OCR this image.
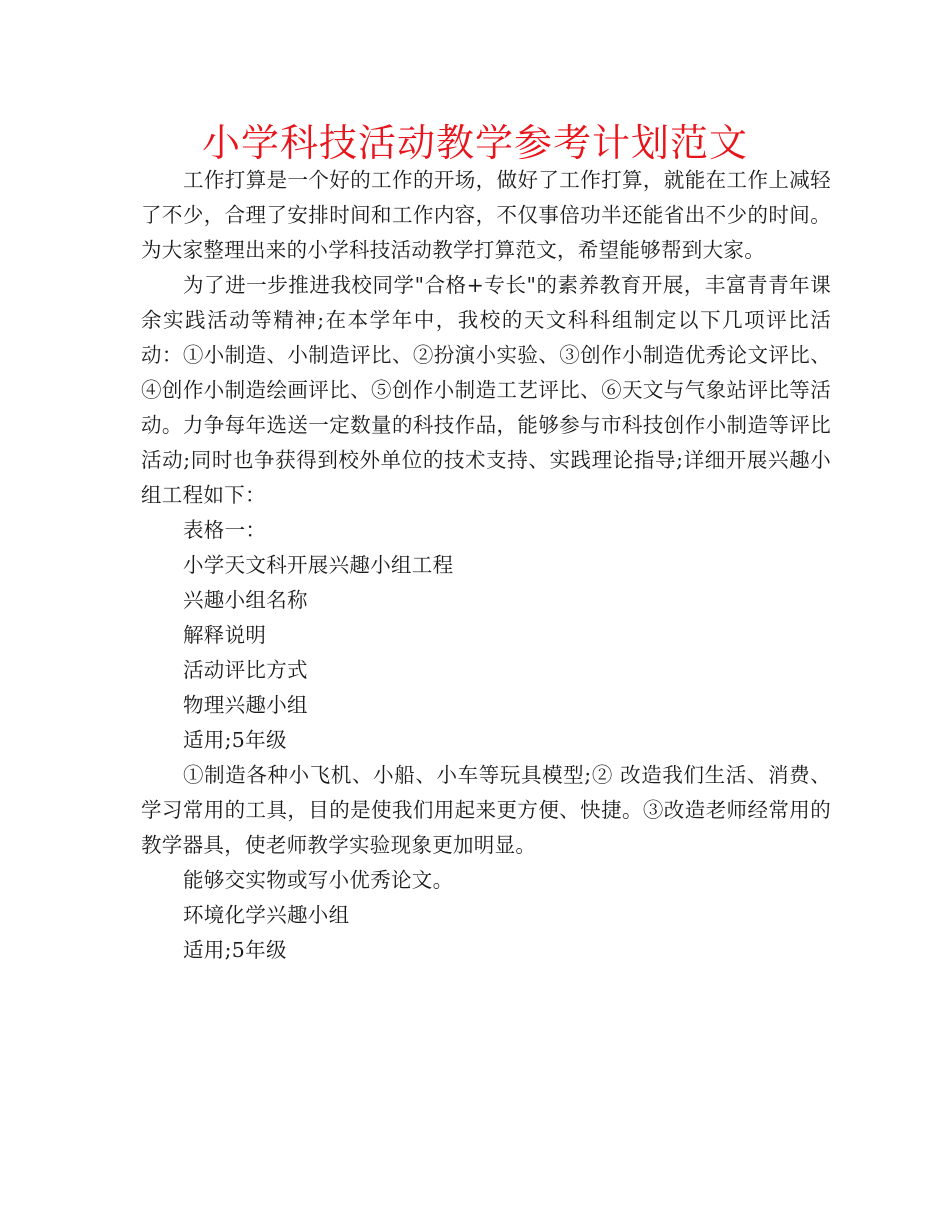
小学科技活动教学参考计划范文

工作打算是一个好的工作的开场，做好了工作打算，就能在工作上减轻了不少，合理了安排时间和工作内容，不仅事倍功半还能省出不少的时间。为大家整理出来的小学科技活动教学打算范文，希望能够帮到大家。

为了进一步推进我校同学"合格+专长"的素养教育开展，丰富青青年课余实践活动等精神;在本学年中，我校的天文科科组制定以下几项评比活动：①小制造、小制造评比、②扮演小实验、③创作小制造优秀论文评比、④创作小制造绘画评比、⑤创作小制造工艺评比、⑥天文与气象站评比等活动。力争每年选送一定数量的科技作品，能够参与市科技创作小制造等评比活动;同时也争获得到校外单位的技术支持、实践理论指导;详细开展兴趣小组工程如下：

表格一：

小学天文科开展兴趣小组工程

兴趣小组名称

解释说明

活动评比方式

物理兴趣小组

适用;5年级

①制造各种小飞机、小船、小车等玩具模型;② 改造我们生活、消费、学习常用的工具，目的是使我们用起来更方便、快捷。③改造老师经常用的教学器具，使老师教学实验现象更加明显。

能够交实物或写小优秀论文。

环境化学兴趣小组

适用;5年级
